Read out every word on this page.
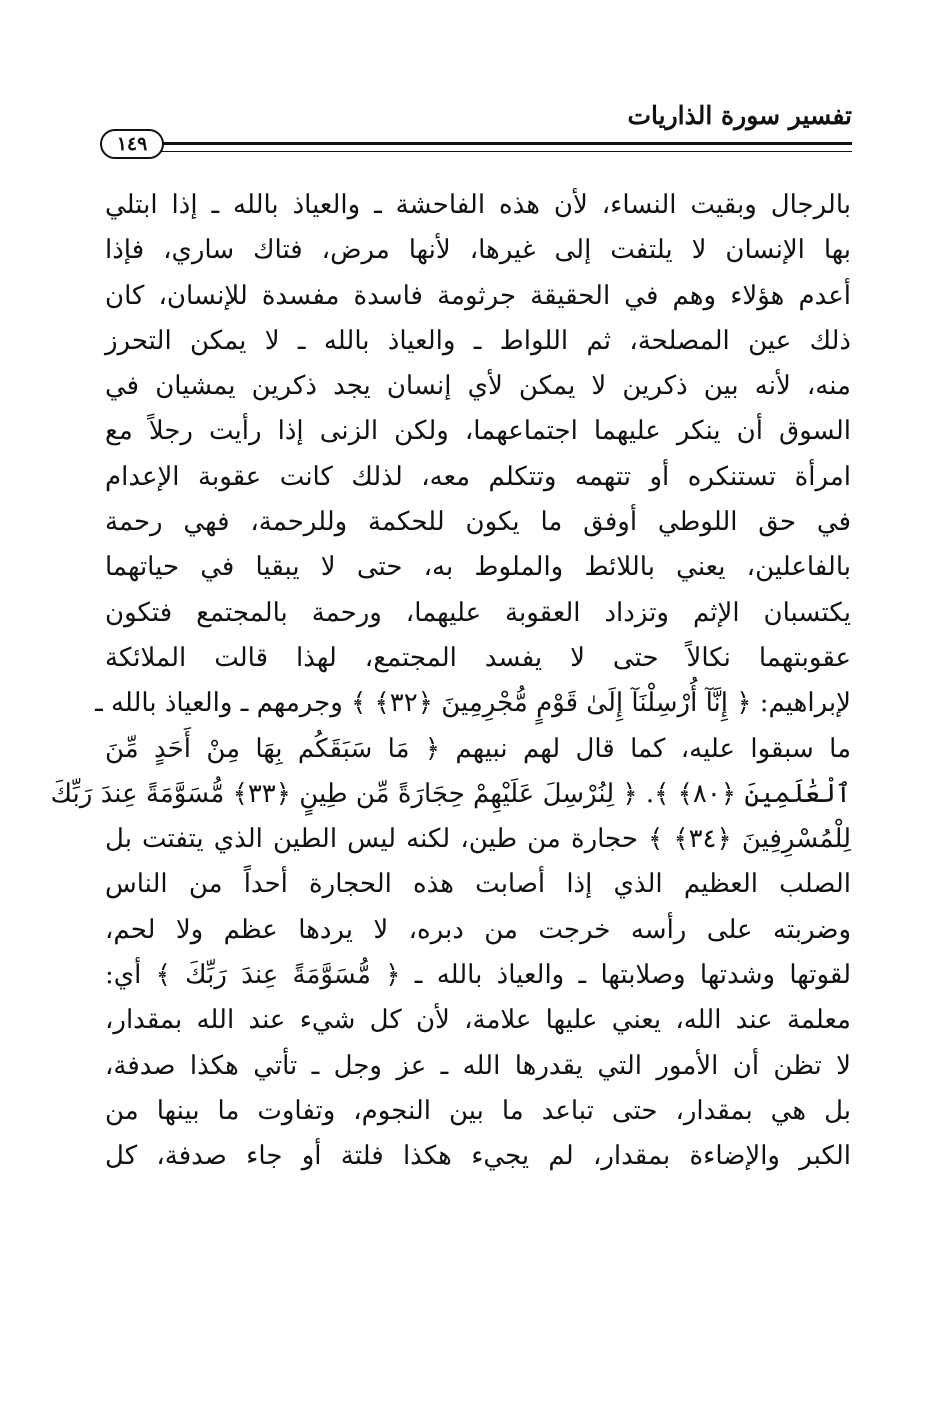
تفسير سورة الذاريات
١٤٩
بالرجال وبقيت النساء، لأن هذه الفاحشة ـ والعياذ بالله ـ إذا ابتلي
بها الإنسان لا يلتفت إلى غيرها، لأنها مرض، فتاك ساري، فإذا
أعدم هؤلاء وهم في الحقيقة جرثومة فاسدة مفسدة للإنسان، كان
ذلك عين المصلحة، ثم اللواط ـ والعياذ بالله ـ لا يمكن التحرز
منه، لأنه بين ذكرين لا يمكن لأي إنسان يجد ذكرين يمشيان في
السوق أن ينكر عليهما اجتماعهما، ولكن الزنى إذا رأيت رجلاً مع
امرأة تستنكره أو تتهمه وتتكلم معه، لذلك كانت عقوبة الإعدام
في حق اللوطي أوفق ما يكون للحكمة وللرحمة، فهي رحمة
بالفاعلين، يعني باللائط والملوط به، حتى لا يبقيا في حياتهما
يكتسبان الإثم وتزداد العقوبة عليهما، ورحمة بالمجتمع فتكون
عقوبتهما نكالاً حتى لا يفسد المجتمع، لهذا قالت الملائكة
لإبراهيم: ﴿ إِنَّآ أُرْسِلْنَآ إِلَىٰ قَوْمٍ مُّجْرِمِينَ ﴿٣٢﴾ ﴾ وجرمهم ـ والعياذ بالله ـ
ما سبقوا عليه، كما قال لهم نبيهم ﴿ مَا سَبَقَكُم بِهَا مِنْ أَحَدٍ مِّنَ
ٱلْعَٰلَمِينَ ﴿٨٠﴾ ﴾. ﴿ لِنُرْسِلَ عَلَيْهِمْ حِجَارَةً مِّن طِينٍ ﴿٣٣﴾ مُّسَوَّمَةً عِندَ رَبِّكَ
لِلْمُسْرِفِينَ ﴿٣٤﴾ ﴾ حجارة من طين، لكنه ليس الطين الذي يتفتت بل
الصلب العظيم الذي إذا أصابت هذه الحجارة أحداً من الناس
وضربته على رأسه خرجت من دبره، لا يردها عظم ولا لحم،
لقوتها وشدتها وصلابتها ـ والعياذ بالله ـ ﴿ مُّسَوَّمَةً عِندَ رَبِّكَ ﴾ أي:
معلمة عند الله، يعني عليها علامة، لأن كل شيء عند الله بمقدار،
لا تظن أن الأمور التي يقدرها الله ـ عز وجل ـ تأتي هكذا صدفة،
بل هي بمقدار، حتى تباعد ما بين النجوم، وتفاوت ما بينها من
الكبر والإضاءة بمقدار، لم يجيء هكذا فلتة أو جاء صدفة، كل
